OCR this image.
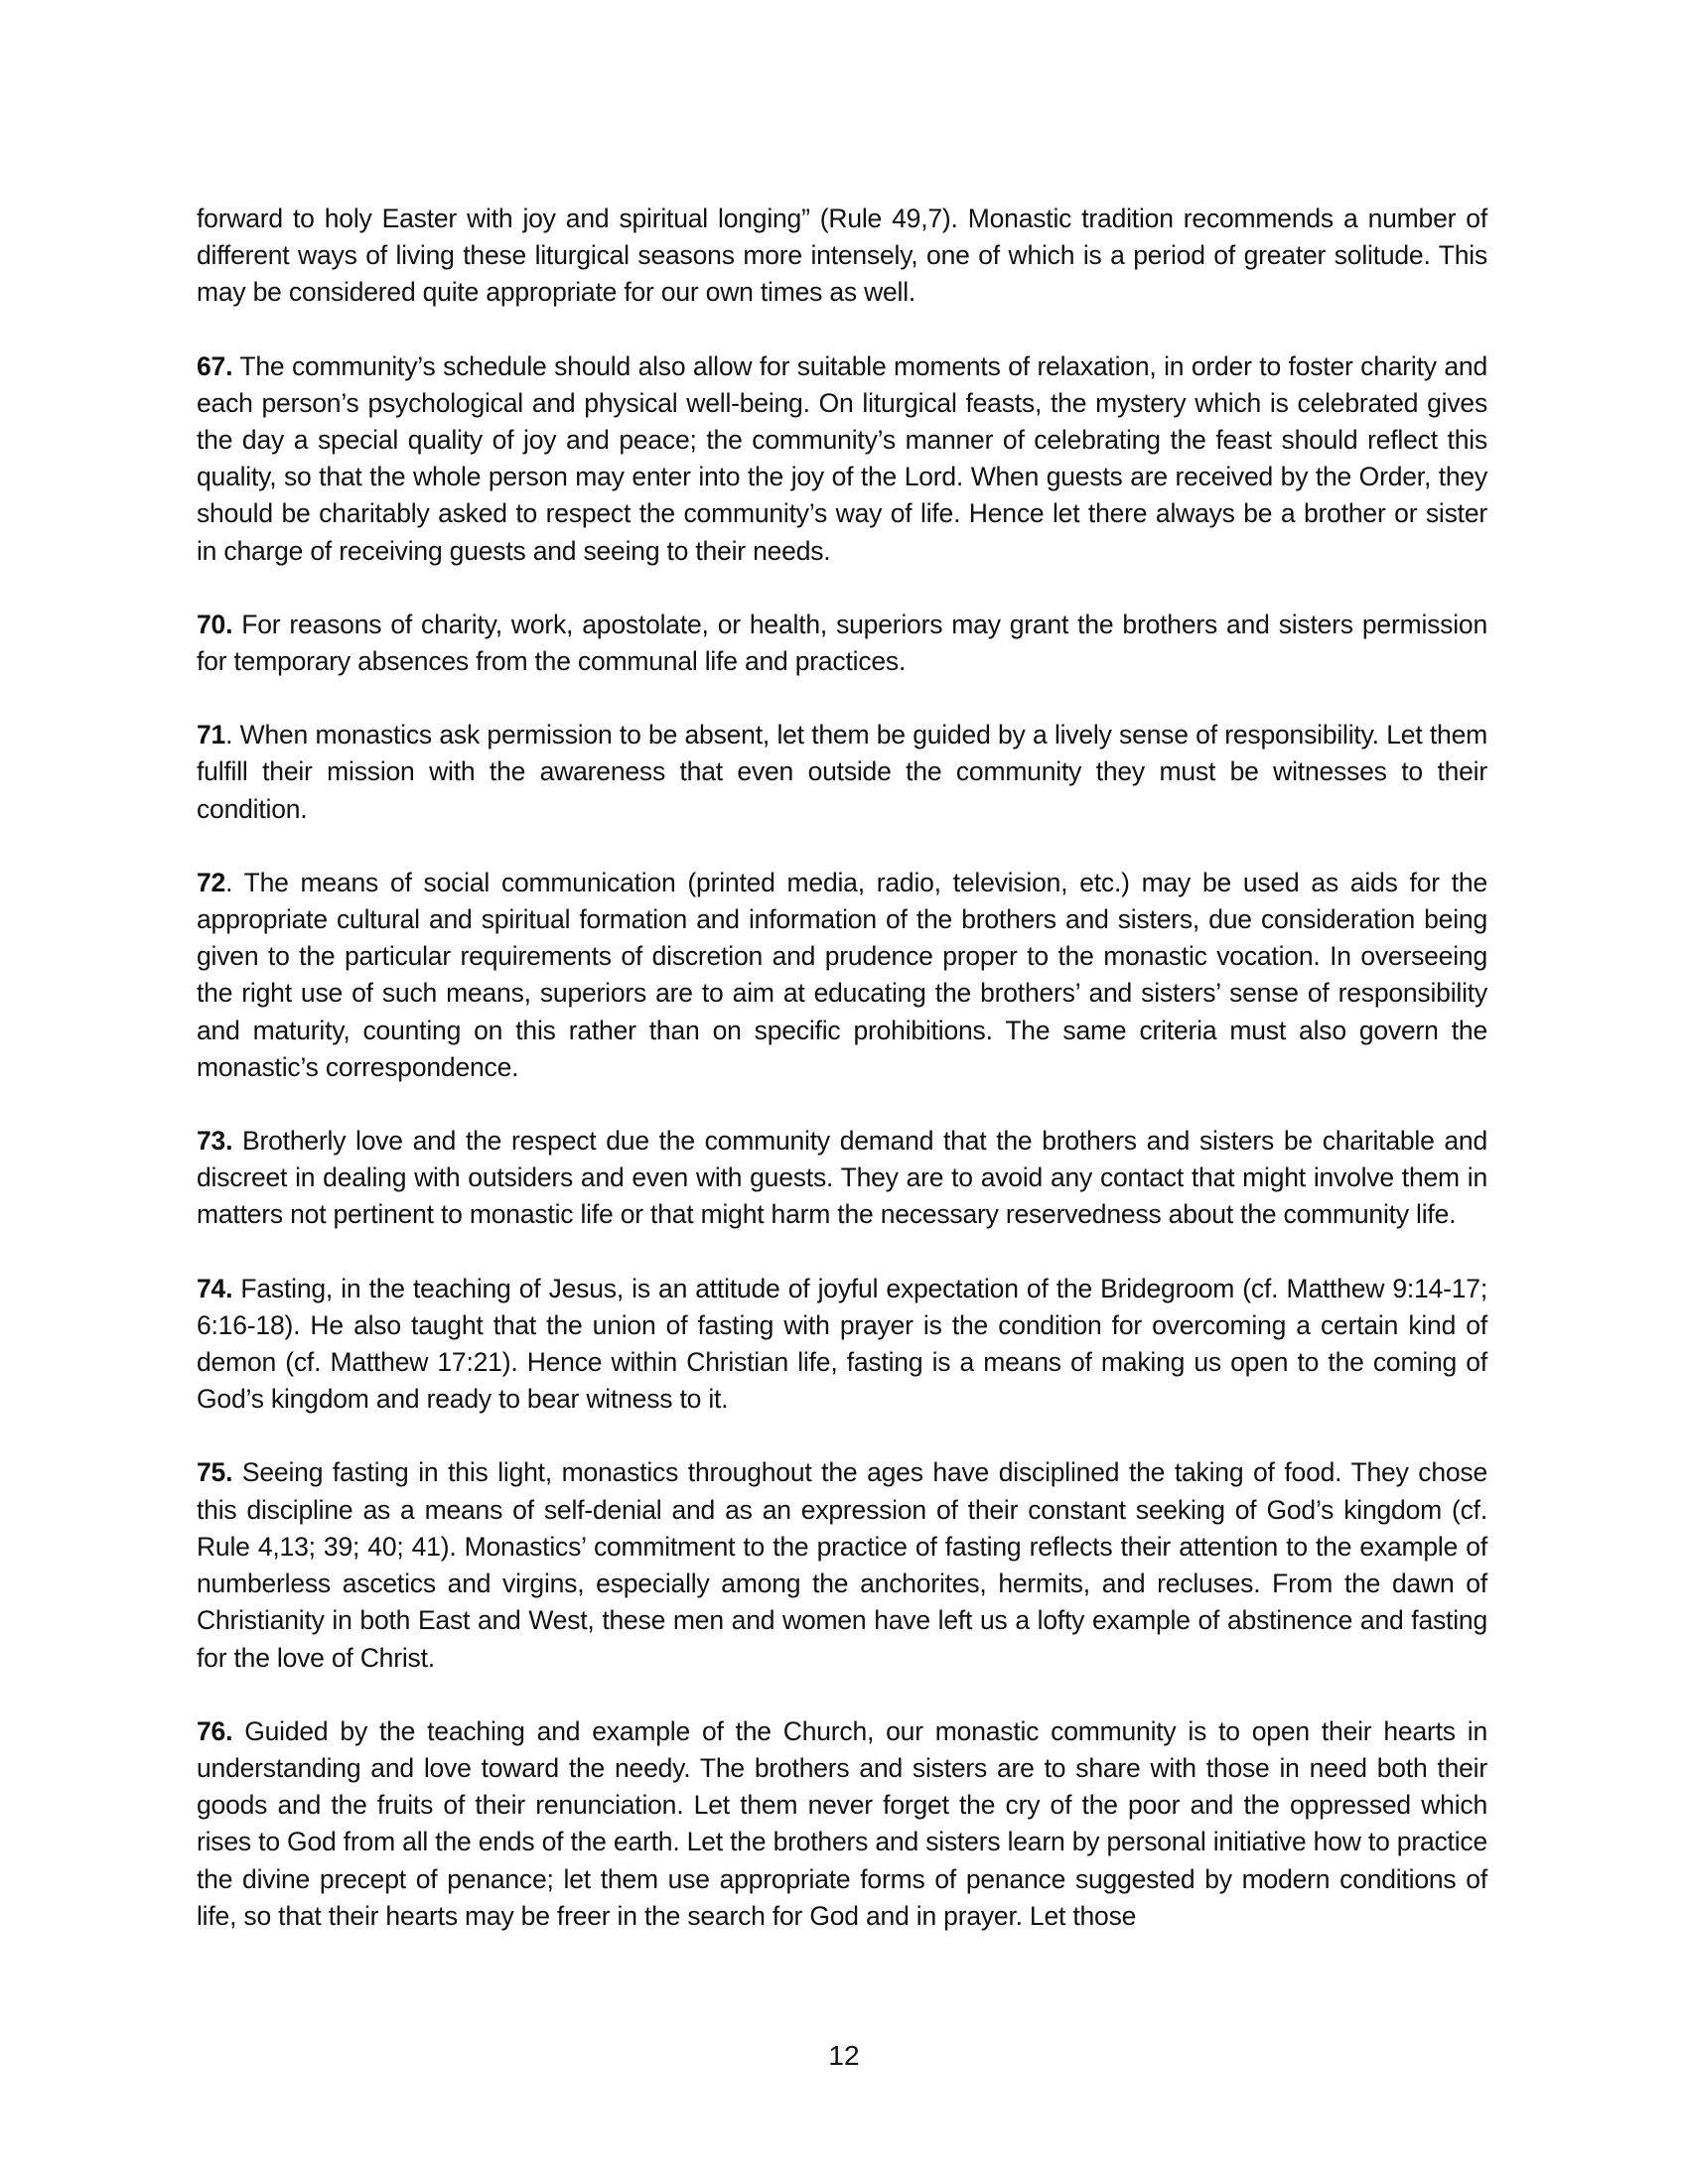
forward to holy Easter with joy and spiritual longing” (Rule 49,7). Monastic tradition recommends a number of different ways of living these liturgical seasons more intensely, one of which is a period of greater solitude. This may be considered quite appropriate for our own times as well.

67. The community’s schedule should also allow for suitable moments of relaxation, in order to foster charity and each person’s psychological and physical well-being. On liturgical feasts, the mystery which is celebrated gives the day a special quality of joy and peace; the community’s manner of celebrating the feast should reflect this quality, so that the whole person may enter into the joy of the Lord. When guests are received by the Order, they should be charitably asked to respect the community’s way of life. Hence let there always be a brother or sister in charge of receiving guests and seeing to their needs.

70. For reasons of charity, work, apostolate, or health, superiors may grant the brothers and sisters permission for temporary absences from the communal life and practices.

71. When monastics ask permission to be absent, let them be guided by a lively sense of responsibility. Let them fulfill their mission with the awareness that even outside the community they must be witnesses to their condition.

72. The means of social communication (printed media, radio, television, etc.) may be used as aids for the appropriate cultural and spiritual formation and information of the brothers and sisters, due consideration being given to the particular requirements of discretion and prudence proper to the monastic vocation. In overseeing the right use of such means, superiors are to aim at educating the brothers’ and sisters’ sense of responsibility and maturity, counting on this rather than on specific prohibitions. The same criteria must also govern the monastic’s correspondence.

73. Brotherly love and the respect due the community demand that the brothers and sisters be charitable and discreet in dealing with outsiders and even with guests. They are to avoid any contact that might involve them in matters not pertinent to monastic life or that might harm the necessary reservedness about the community life.

74. Fasting, in the teaching of Jesus, is an attitude of joyful expectation of the Bridegroom (cf. Matthew 9:14-17; 6:16-18). He also taught that the union of fasting with prayer is the condition for overcoming a certain kind of demon (cf. Matthew 17:21). Hence within Christian life, fasting is a means of making us open to the coming of God’s kingdom and ready to bear witness to it.

75. Seeing fasting in this light, monastics throughout the ages have disciplined the taking of food. They chose this discipline as a means of self-denial and as an expression of their constant seeking of God’s kingdom (cf. Rule 4,13; 39; 40; 41). Monastics’ commitment to the practice of fasting reflects their attention to the example of numberless ascetics and virgins, especially among the anchorites, hermits, and recluses. From the dawn of Christianity in both East and West, these men and women have left us a lofty example of abstinence and fasting for the love of Christ.

76. Guided by the teaching and example of the Church, our monastic community is to open their hearts in understanding and love toward the needy. The brothers and sisters are to share with those in need both their goods and the fruits of their renunciation. Let them never forget the cry of the poor and the oppressed which rises to God from all the ends of the earth. Let the brothers and sisters learn by personal initiative how to practice the divine precept of penance; let them use appropriate forms of penance suggested by modern conditions of life, so that their hearts may be freer in the search for God and in prayer. Let those

12
